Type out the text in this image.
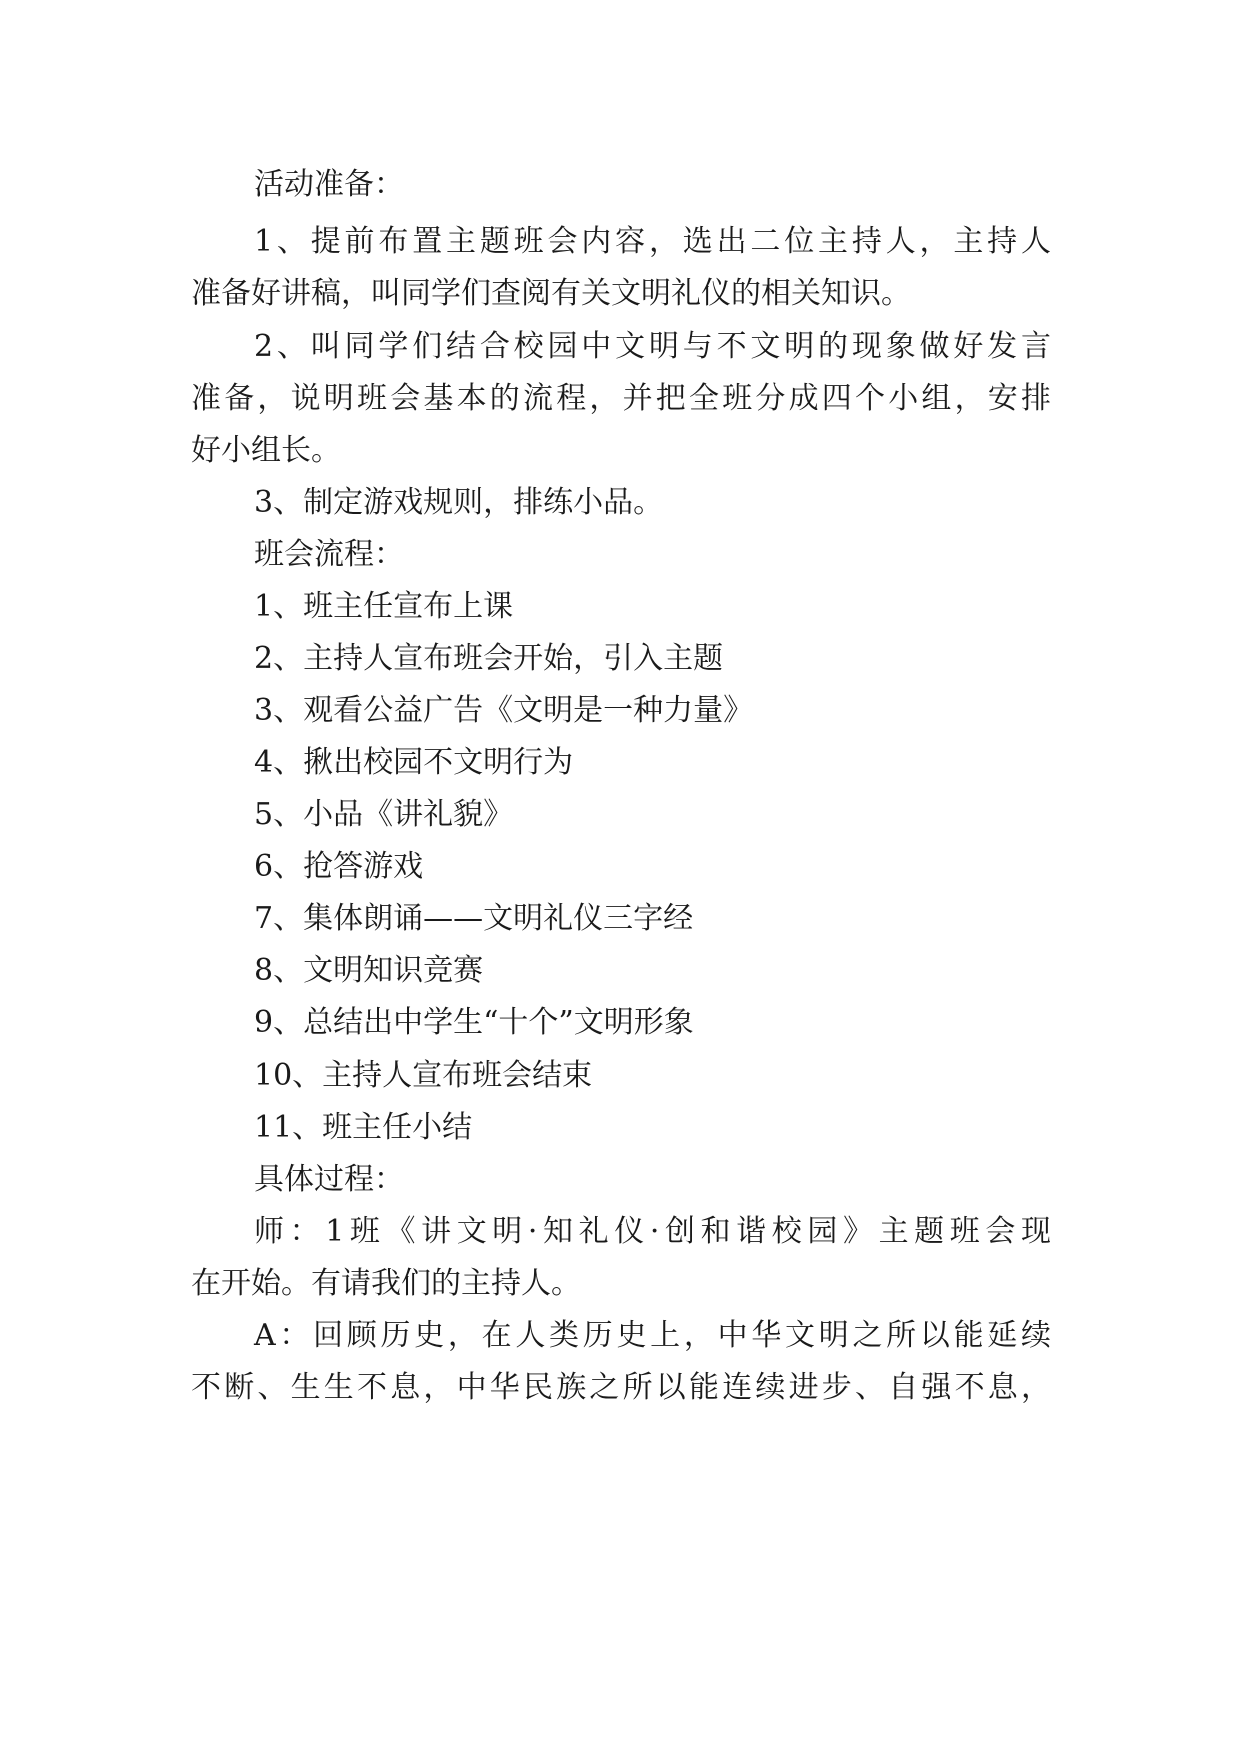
活动准备：
1、提前布置主题班会内容，选出二位主持人，主持人
准备好讲稿，叫同学们查阅有关文明礼仪的相关知识。
2、叫同学们结合校园中文明与不文明的现象做好发言
准备，说明班会基本的流程，并把全班分成四个小组，安排
好小组长。
3、制定游戏规则，排练小品。
班会流程：
1、班主任宣布上课
2、主持人宣布班会开始，引入主题
3、观看公益广告《文明是一种力量》
4、揪出校园不文明行为
5、小品《讲礼貌》
6、抢答游戏
7、集体朗诵——文明礼仪三字经
8、文明知识竞赛
9、总结出中学生“十个”文明形象
10、主持人宣布班会结束
11、班主任小结
具体过程：
师：1班《讲文明·知礼仪·创和谐校园》主题班会现
在开始。有请我们的主持人。
A：回顾历史，在人类历史上，中华文明之所以能延续
不断、生生不息，中华民族之所以能连续进步、自强不息，
